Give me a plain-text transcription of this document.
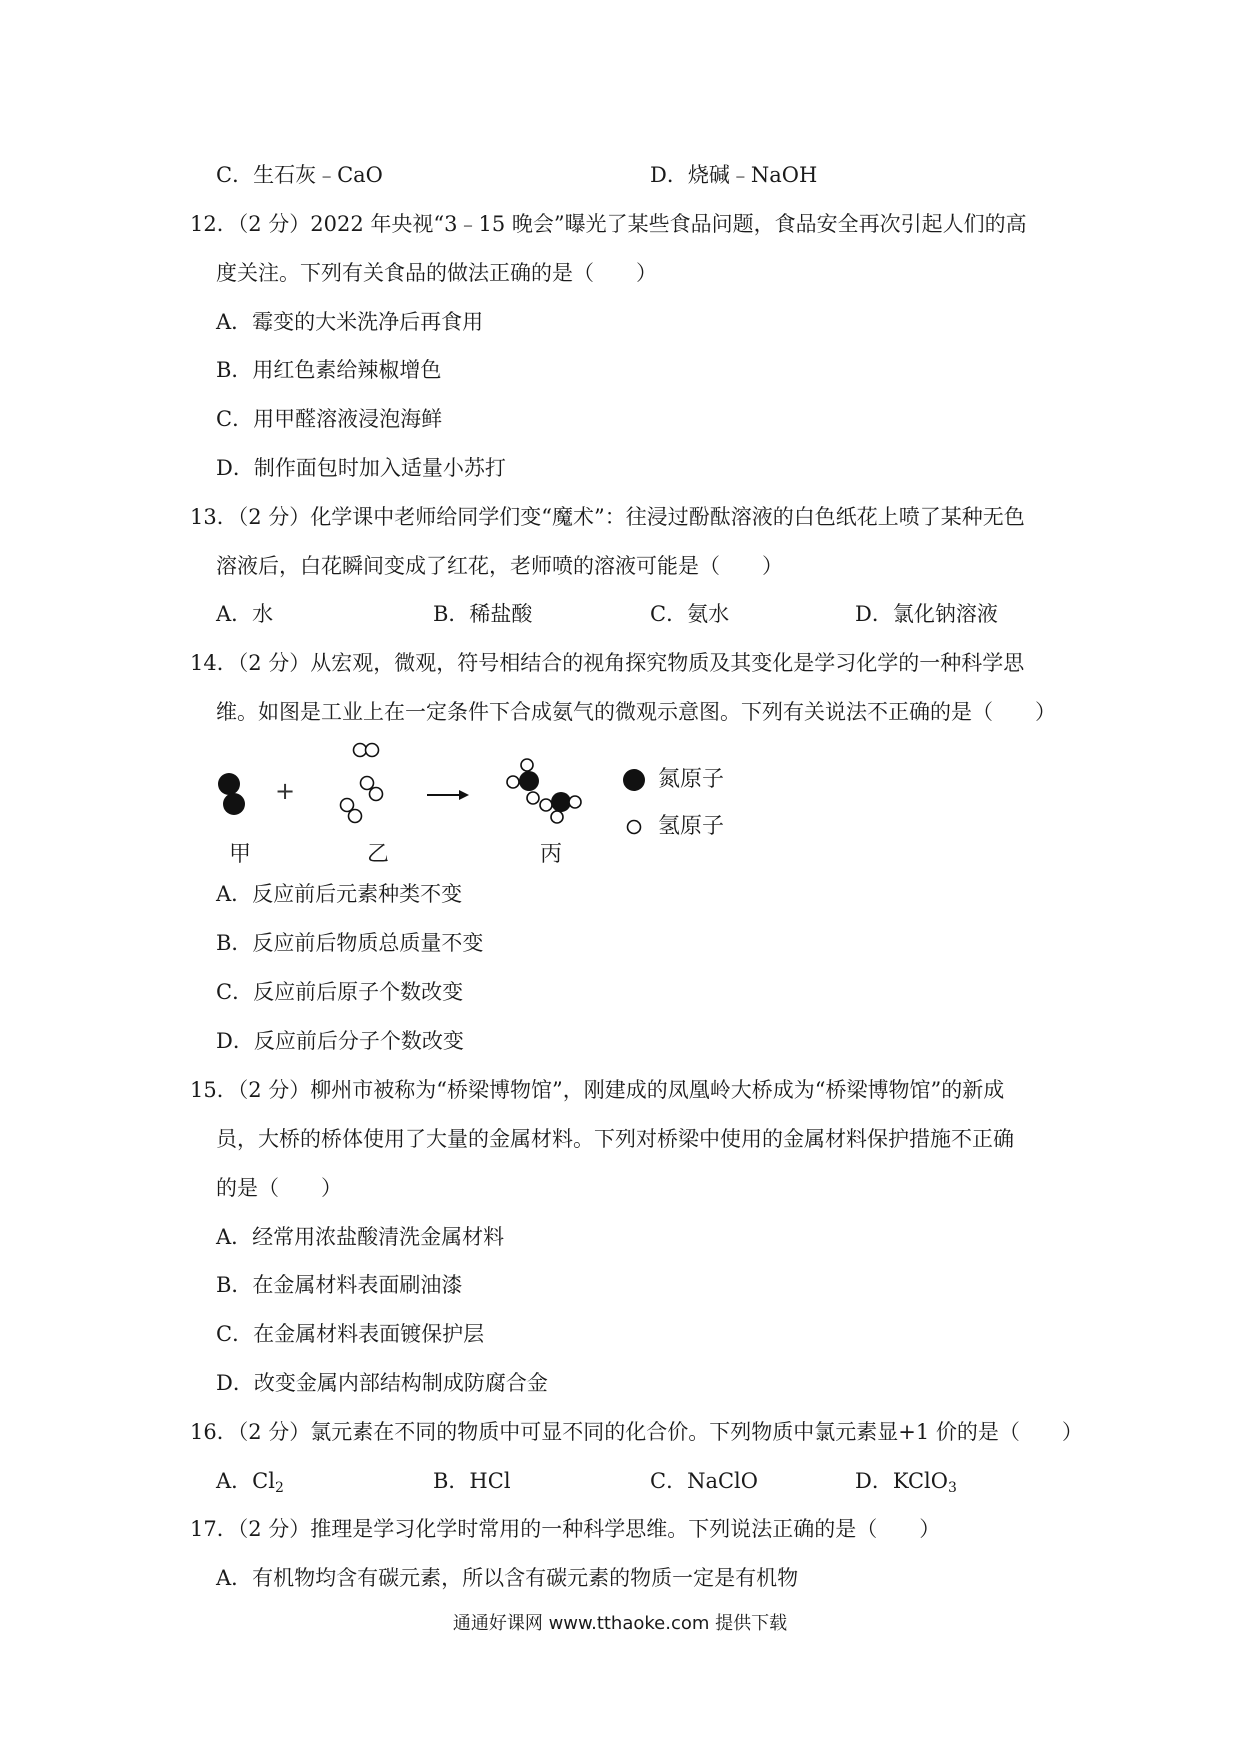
C．生石灰﹣CaO	D．烧碱﹣NaOH
12．（2 分）2022 年央视“3﹣15 晚会”曝光了某些食品问题，食品安全再次引起人们的高
度关注。下列有关食品的做法正确的是（　　）
A．霉变的大米洗净后再食用
B．用红色素给辣椒增色
C．用甲醛溶液浸泡海鲜
D．制作面包时加入适量小苏打
13．（2 分）化学课中老师给同学们变“魔术”：往浸过酚酞溶液的白色纸花上喷了某种无色
溶液后，白花瞬间变成了红花，老师喷的溶液可能是（　　）
A．水	B．稀盐酸	C．氨水	D．氯化钠溶液
14．（2 分）从宏观，微观，符号相结合的视角探究物质及其变化是学习化学的一种科学思
维。如图是工业上在一定条件下合成氨气的微观示意图。下列有关说法不正确的是（　　）
+	氮原子
氢原子
甲	乙	丙
A．反应前后元素种类不变
B．反应前后物质总质量不变
C．反应前后原子个数改变
D．反应前后分子个数改变
15．（2 分）柳州市被称为“桥梁博物馆”，刚建成的凤凰岭大桥成为“桥梁博物馆”的新成
员，大桥的桥体使用了大量的金属材料。下列对桥梁中使用的金属材料保护措施不正确
的是（　　）
A．经常用浓盐酸清洗金属材料
B．在金属材料表面刷油漆
C．在金属材料表面镀保护层
D．改变金属内部结构制成防腐合金
16．（2 分）氯元素在不同的物质中可显不同的化合价。下列物质中氯元素显+1 价的是（　　）
A．$Cl_2$	B．HCl	C．NaClO	D．KClO$_3$
17．（2 分）推理是学习化学时常用的一种科学思维。下列说法正确的是（　　）
A．有机物均含有碳元素，所以含有碳元素的物质一定是有机物
通通好课网 www.tthaoke.com 提供下载
